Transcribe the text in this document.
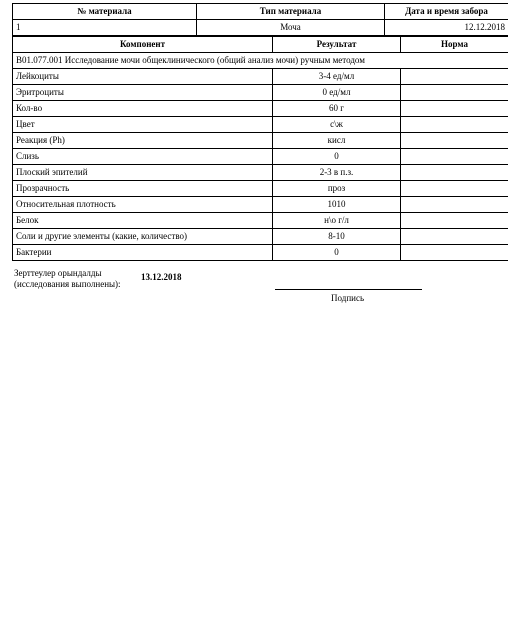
№ материала	Тип материала	Дата и время забора
1	Моча	12.12.2018
Компонент	Результат	Норма
B01.077.001 Исследование мочи общеклинического (общий анализ мочи) ручным методом		
Лейкоциты	3-4 ед/мл	
Эритроциты	0 ед/мл	
Кол-во	60 г	
Цвет	с\ж	
Реакция (Ph)	кисл	
Слизь	0	
Плоский эпителий	2-3 в п.з.	
Прозрачность	проз	
Относительная плотность	1010	
Белок	н\о г/л	
Соли и другие элементы (какие, количество)	8-10	
Бактерии	0	
Зерттеулер орындалды
(исследования выполнены):
13.12.2018
Подпись
